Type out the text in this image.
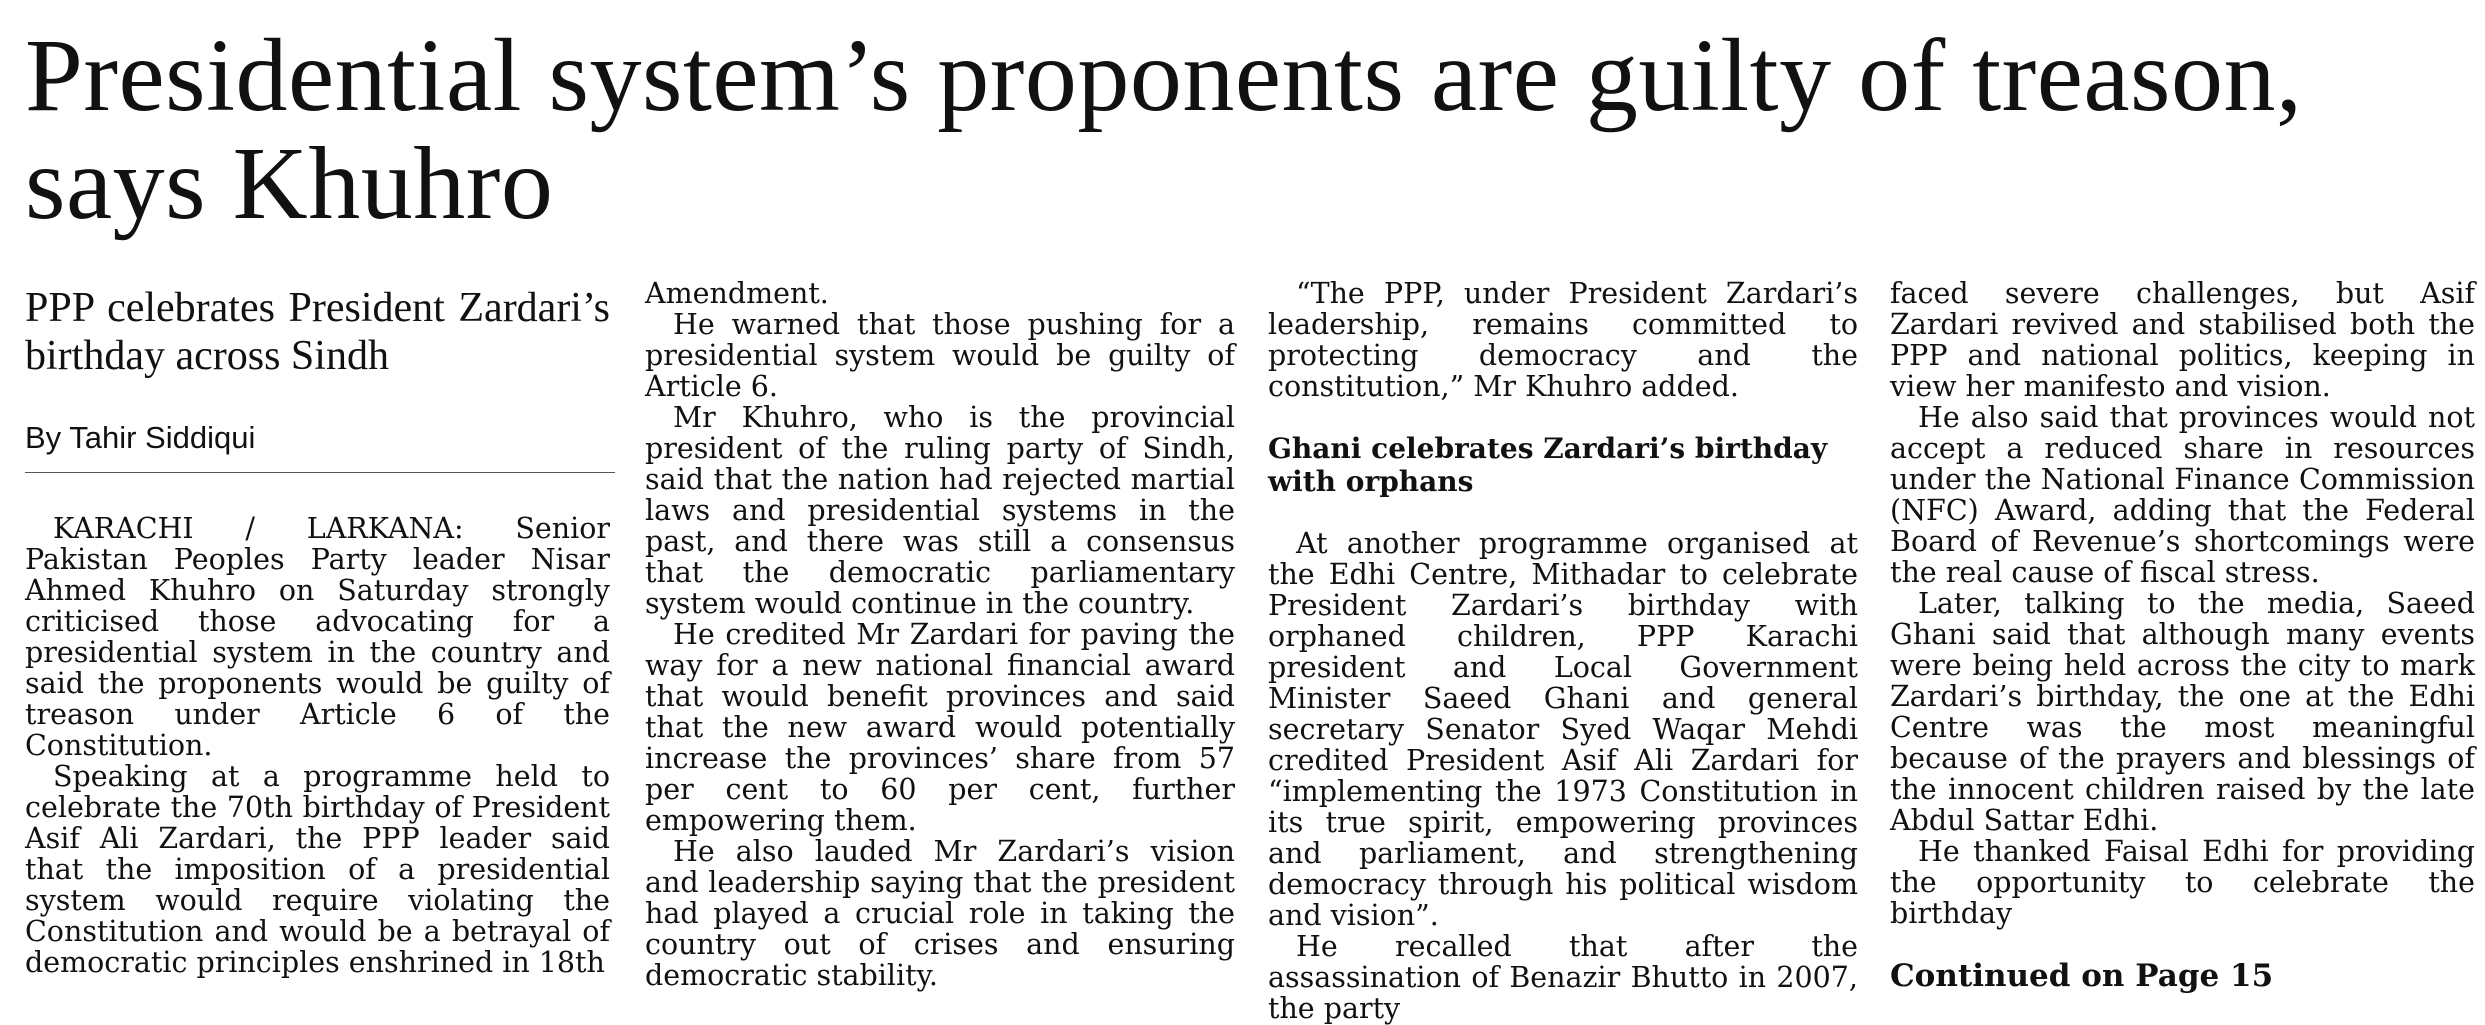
Presidential system’s proponents are guilty of treason, says Khuhro
PPP celebrates President Zardari’s birthday across Sindh
By Tahir Siddiqui

KARACHI / LARKANA: Senior Pakistan Peoples Party leader Nisar Ahmed Khuhro on Saturday strongly criticised those advocating for a presidential system in the country and said the proponents would be guilty of treason under Article 6 of the Constitution.

Speaking at a programme held to celebrate the 70th birthday of President Asif Ali Zardari, the PPP leader said that the imposition of a presidential system would require violating the Constitution and would be a betrayal of democratic principles enshrined in 18th

Amendment.

He warned that those pushing for a presidential system would be guilty of Article 6.

Mr Khuhro, who is the provincial president of the ruling party of Sindh, said that the nation had rejected martial laws and presidential systems in the past, and there was still a consensus that the democratic parliamentary system would continue in the country.

He credited Mr Zardari for paving the way for a new national financial award that would benefit provinces and said that the new award would potentially increase the provinces’ share from 57 per cent to 60 per cent, further empowering them.

He also lauded Mr Zardari’s vision and leadership saying that the president had played a crucial role in taking the country out of crises and ensuring democratic stability.

“The PPP, under President Zardari’s leadership, remains committed to protecting democracy and the constitution,” Mr Khuhro added.

Ghani celebrates Zardari’s birthday with orphans

At another programme organised at the Edhi Centre, Mithadar to celebrate President Zardari’s birthday with orphaned children, PPP Karachi president and Local Government Minister Saeed Ghani and general secretary Senator Syed Waqar Mehdi credited President Asif Ali Zardari for “implementing the 1973 Constitution in its true spirit, empowering provinces and parliament, and strengthening democracy through his political wisdom and vision”.

He recalled that after the assassination of Benazir Bhutto in 2007, the party

faced severe challenges, but Asif Zardari revived and stabilised both the PPP and national politics, keeping in view her manifesto and vision.

He also said that provinces would not accept a reduced share in resources under the National Finance Commission (NFC) Award, adding that the Federal Board of Revenue’s shortcomings were the real cause of fiscal stress.

Later, talking to the media, Saeed Ghani said that although many events were being held across the city to mark Zardari’s birthday, the one at the Edhi Centre was the most meaningful because of the prayers and blessings of the innocent children raised by the late Abdul Sattar Edhi.

He thanked Faisal Edhi for providing the opportunity to celebrate the birthday

Continued on Page 15
